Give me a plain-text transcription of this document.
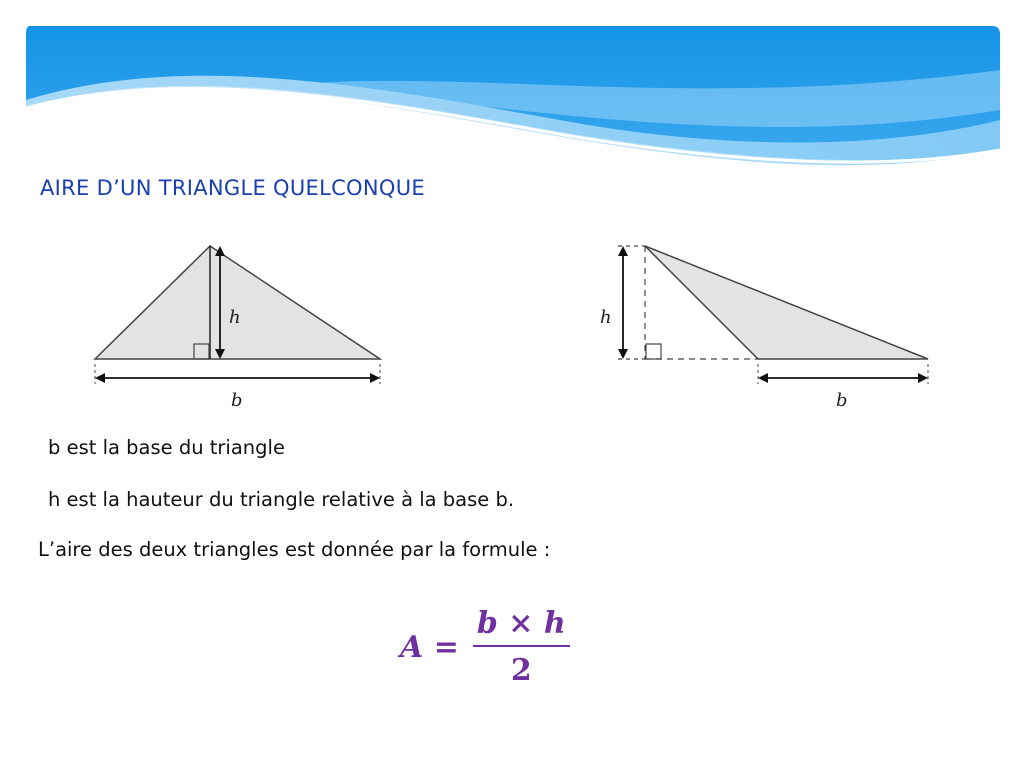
AIRE D’UN TRIANGLE QUELCONQUE
h
b
h
b

b est la base du triangle

h est la hauteur du triangle relative à la base b.

L’aire des deux triangles est donnée par la formule :

$A = \frac{b \times h}{2}$
